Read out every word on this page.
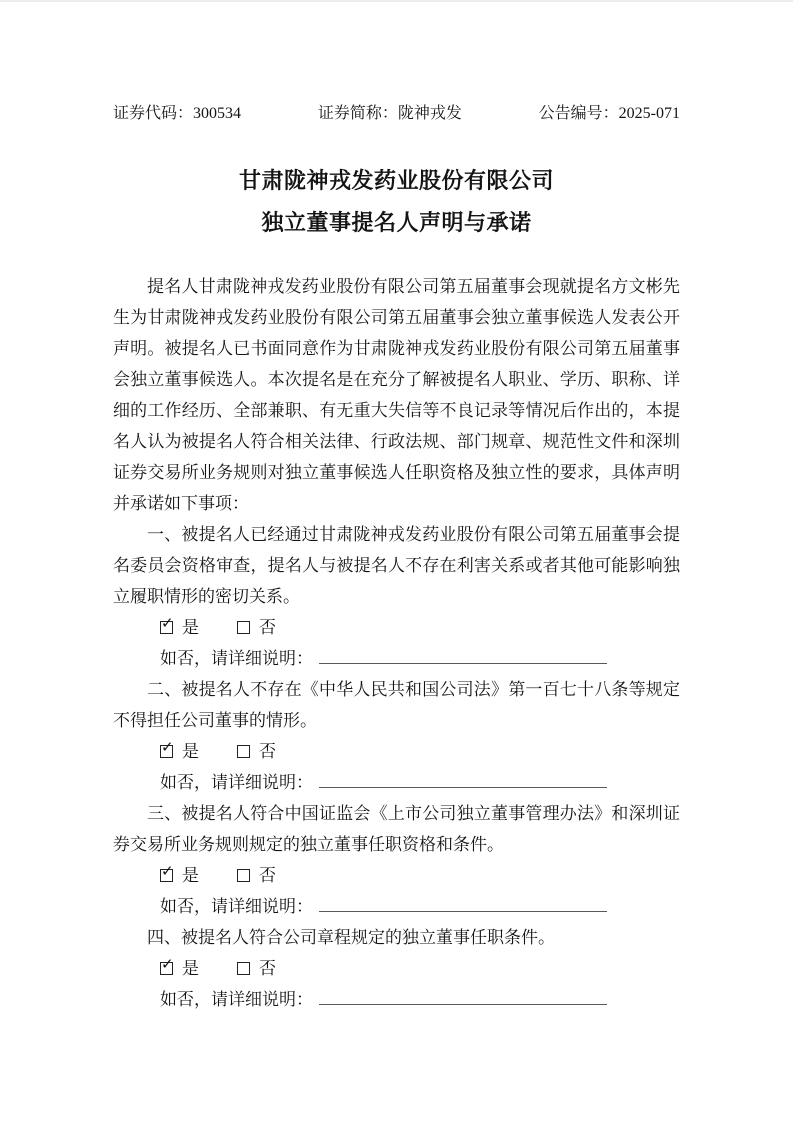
证券代码：300534	证券简称：陇神戎发	公告编号：2025-071
甘肃陇神戎发药业股份有限公司
独立董事提名人声明与承诺

提名人甘肃陇神戎发药业股份有限公司第五届董事会现就提名方文彬先生为甘肃陇神戎发药业股份有限公司第五届董事会独立董事候选人发表公开声明。被提名人已书面同意作为甘肃陇神戎发药业股份有限公司第五届董事会独立董事候选人。本次提名是在充分了解被提名人职业、学历、职称、详细的工作经历、全部兼职、有无重大失信等不良记录等情况后作出的，本提名人认为被提名人符合相关法律、行政法规、部门规章、规范性文件和深圳证券交易所业务规则对独立董事候选人任职资格及独立性的要求，具体声明并承诺如下事项：

一、被提名人已经通过甘肃陇神戎发药业股份有限公司第五届董事会提名委员会资格审查，提名人与被提名人不存在利害关系或者其他可能影响独立履职情形的密切关系。

✓
是	否
如否，请详细说明：

二、被提名人不存在《中华人民共和国公司法》第一百七十八条等规定不得担任公司董事的情形。

✓
是	否
如否，请详细说明：

三、被提名人符合中国证监会《上市公司独立董事管理办法》和深圳证券交易所业务规则规定的独立董事任职资格和条件。

✓
是	否
如否，请详细说明：

四、被提名人符合公司章程规定的独立董事任职条件。

✓
是	否
如否，请详细说明：
